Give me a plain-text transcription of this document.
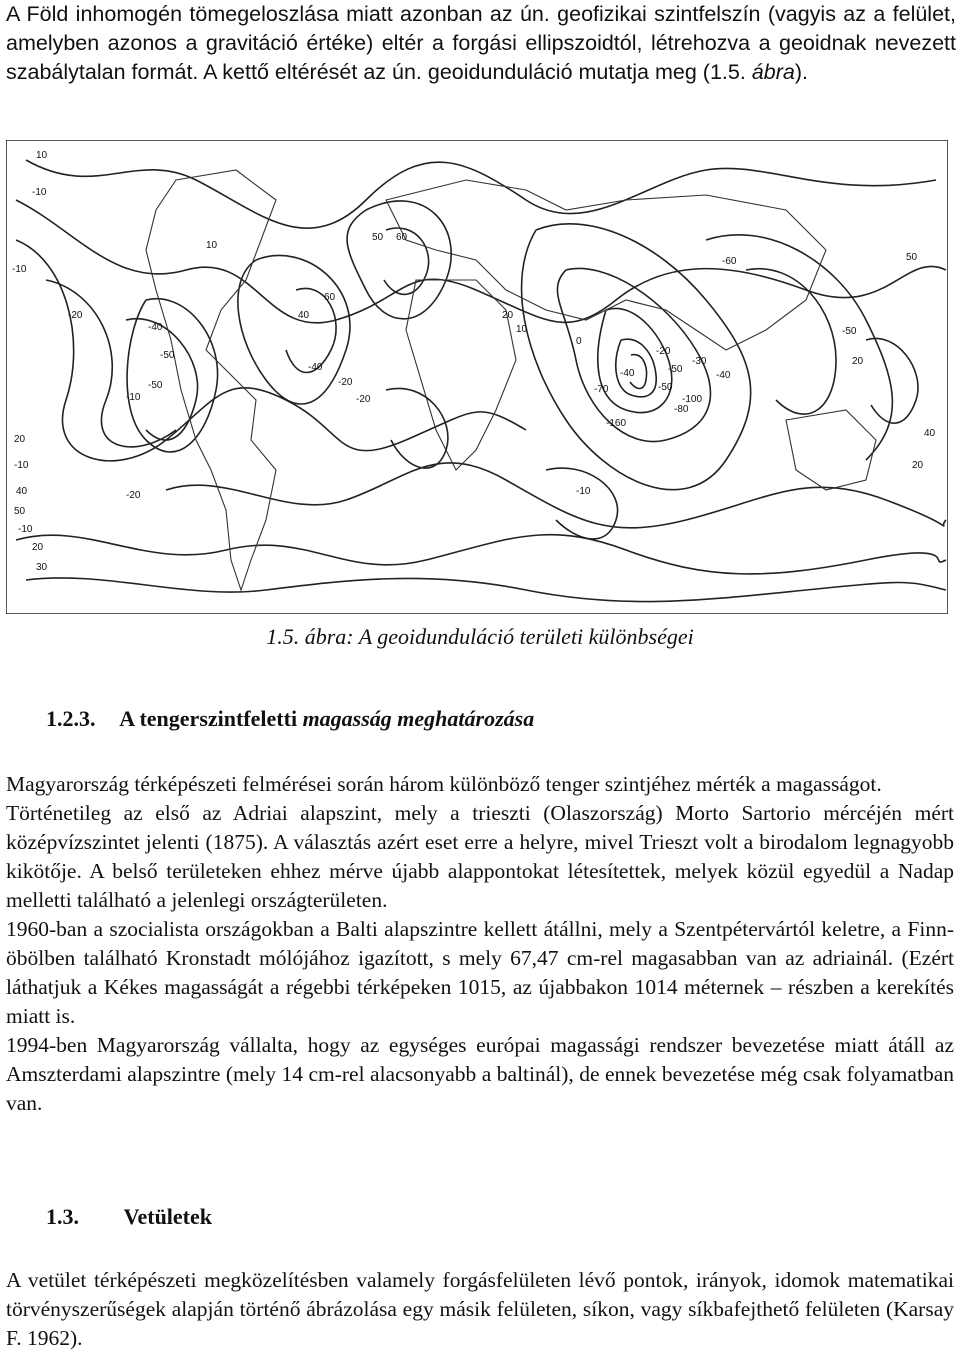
A Föld inhomogén tömegeloszlása miatt azonban az ún. geofizikai szintfelszín (vagyis az a felület, amelyben azonos a gravitáció értéke) eltér a forgási ellipszoidtól, létrehozva a geoidnak nevezett szabálytalan formát. A kettő eltérését az ún. geoidunduláció mutatja meg (1.5. ábra).

10
-10
10
-10
-20
-40
-50
-50
-10
20
50 60
60
40	20
10
-20
-20
-40
-60
-30
-40
-50
20
0
-20
-50
-50
-100
-80
-70
-40
-160
-10
40
50
-20
-10
20
30
-10
20
40
50
1.5. ábra: A geoidunduláció területi különbségei
1.2.3. A tengerszintfeletti magasság meghatározása

Magyarország térképészeti felmérései során három különböző tenger szintjéhez mérték a magasságot.

Történetileg az első az Adriai alapszint, mely a trieszti (Olaszország) Morto Sartorio mércéjén mért középvízszintet jelenti (1875). A választás azért eset erre a helyre, mivel Trieszt volt a birodalom legnagyobb kikötője. A belső területeken ehhez mérve újabb alappontokat létesítettek, melyek közül egyedül a Nadap melletti található a jelenlegi országterületen.

1960-ban a szocialista országokban a Balti alapszintre kellett átállni, mely a Szentpétervártól keletre, a Finn-öbölben található Kronstadt mólójához igazított, s mely 67,47 cm-rel magasabban van az adriainál. (Ezért láthatjuk a Kékes magasságát a régebbi térképeken 1015, az újabbakon 1014 méternek – részben a kerekítés miatt is.

1994-ben Magyarország vállalta, hogy az egységes európai magassági rendszer bevezetése miatt átáll az Amszterdami alapszintre (mely 14 cm-rel alacsonyabb a baltinál), de ennek bevezetése még csak folyamatban van.

1.3. Vetületek

A vetület térképészeti megközelítésben valamely forgásfelületen lévő pontok, irányok, idomok matematikai törvényszerűségek alapján történő ábrázolása egy másik felületen, síkon, vagy síkbafejthető felületen (Karsay F. 1962).
